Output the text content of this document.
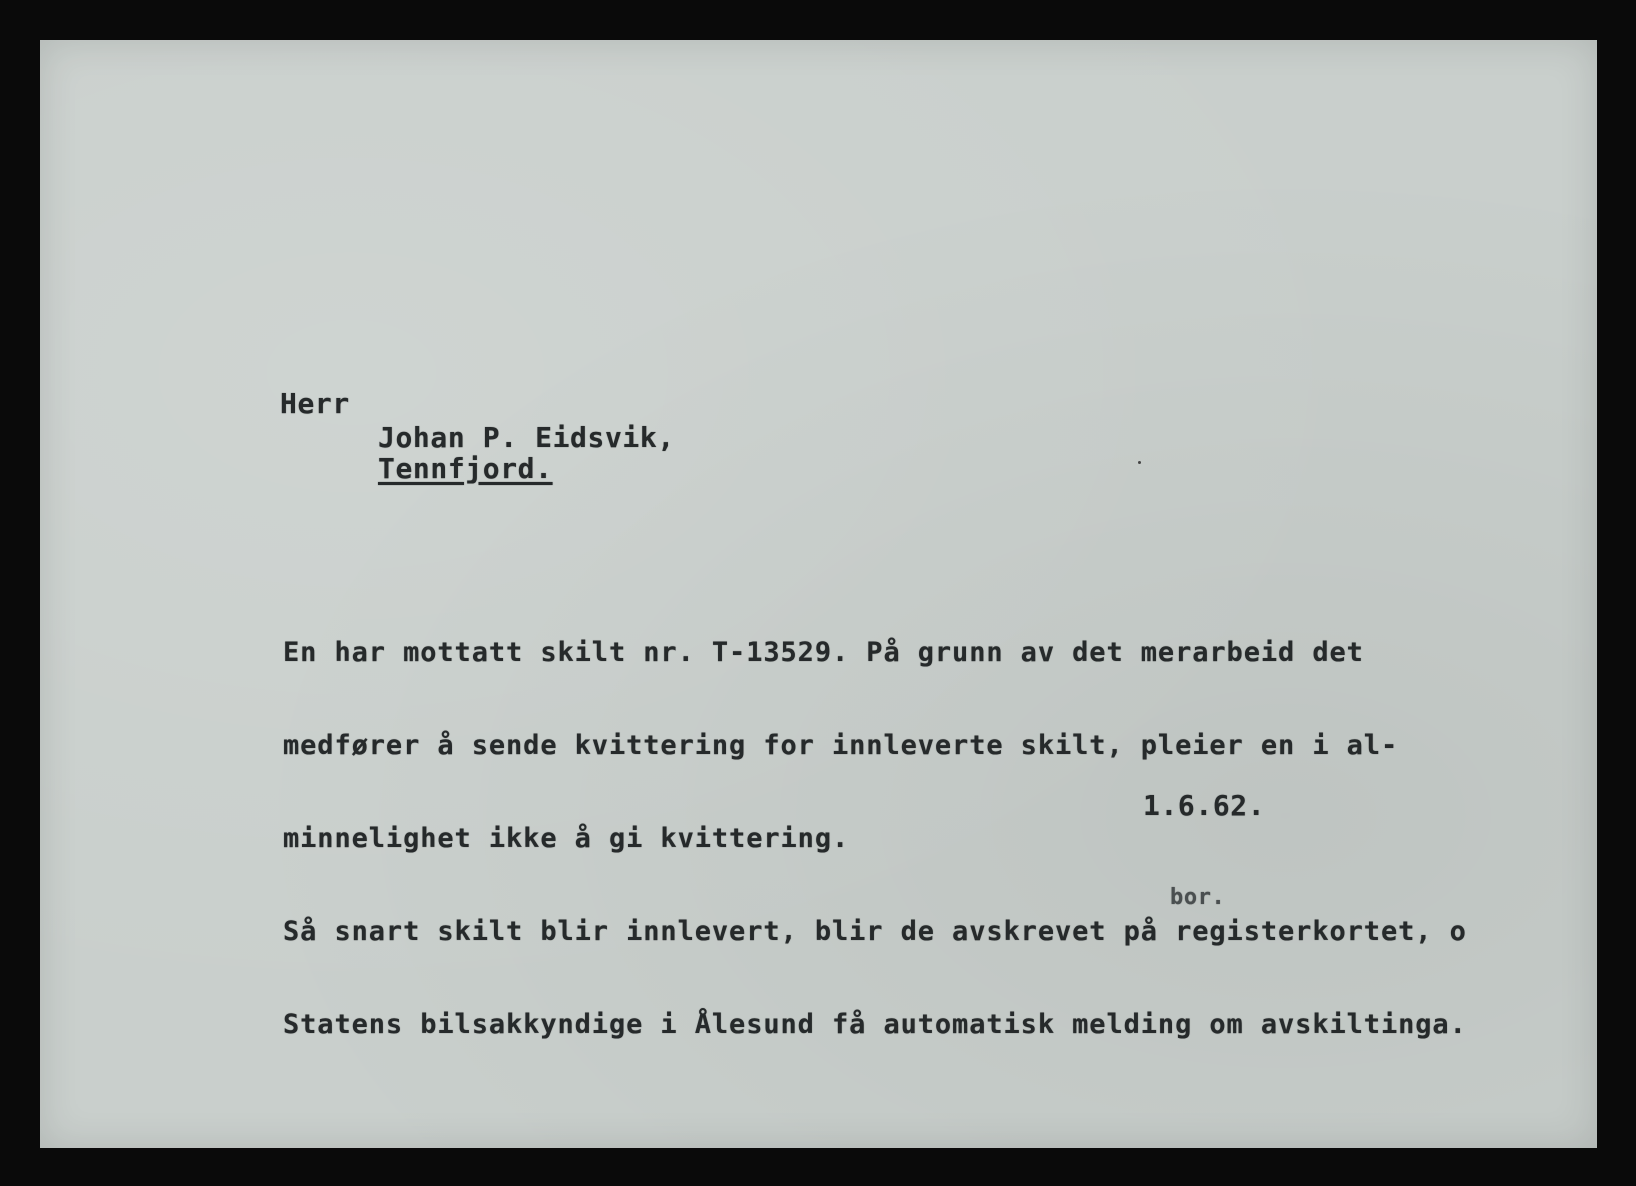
Herr
Johan P. Eidsvik,
Tennfjord.

En har mottatt skilt nr. T-13529. På grunn av det merarbeid det

medfører å sende kvittering for innleverte skilt, pleier en i al-

minnelighet ikke å gi kvittering.

Så snart skilt blir innlevert, blir de avskrevet på registerkortet, o

Statens bilsakkyndige i Ålesund få automatisk melding om avskiltinga.

1.6.62.
bor.
